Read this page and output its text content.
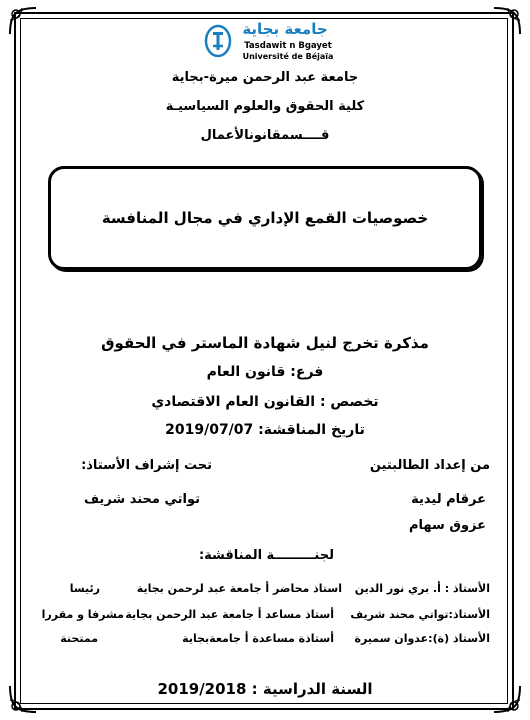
جامعة بجاية
Tasdawit n Bgayet
Université de Béjaïa
جامعة عبد الرحمن ميرة-بجاية
كلية الحقوق والعلوم السياسيـة
قــــسمقانونالأعمال
خصوصيات القمع الإداري في مجال المنافسة
مذكرة تخرج لنيل شهادة الماستر في الحقوق
فرع: قانون العام
تخصص : القانون العام الاقتصادي
تاريخ المناقشة: 2019/07/07
من إعداد الطالبتين
تحت إشراف الأستاذ:
عرقام ليدية
تواتي محند شريف
عزوق سهام
لجنـــــــــة المناقشة:
الأستاذ : أ. بري نور الدين
استاذ محاضر أ جامعة عبد لرحمن بجاية
رئيسا
الأستاذ:تواتي محند شريف
أستاذ مساعد أ جامعة عبد الرحمن بجاية
مشرفا و مقررا
الأستاذ (ة):عدوان سميرة
أستاذة مساعدة أ جامعةبجاية
ممتحنة
السنة الدراسية : 2019/2018
